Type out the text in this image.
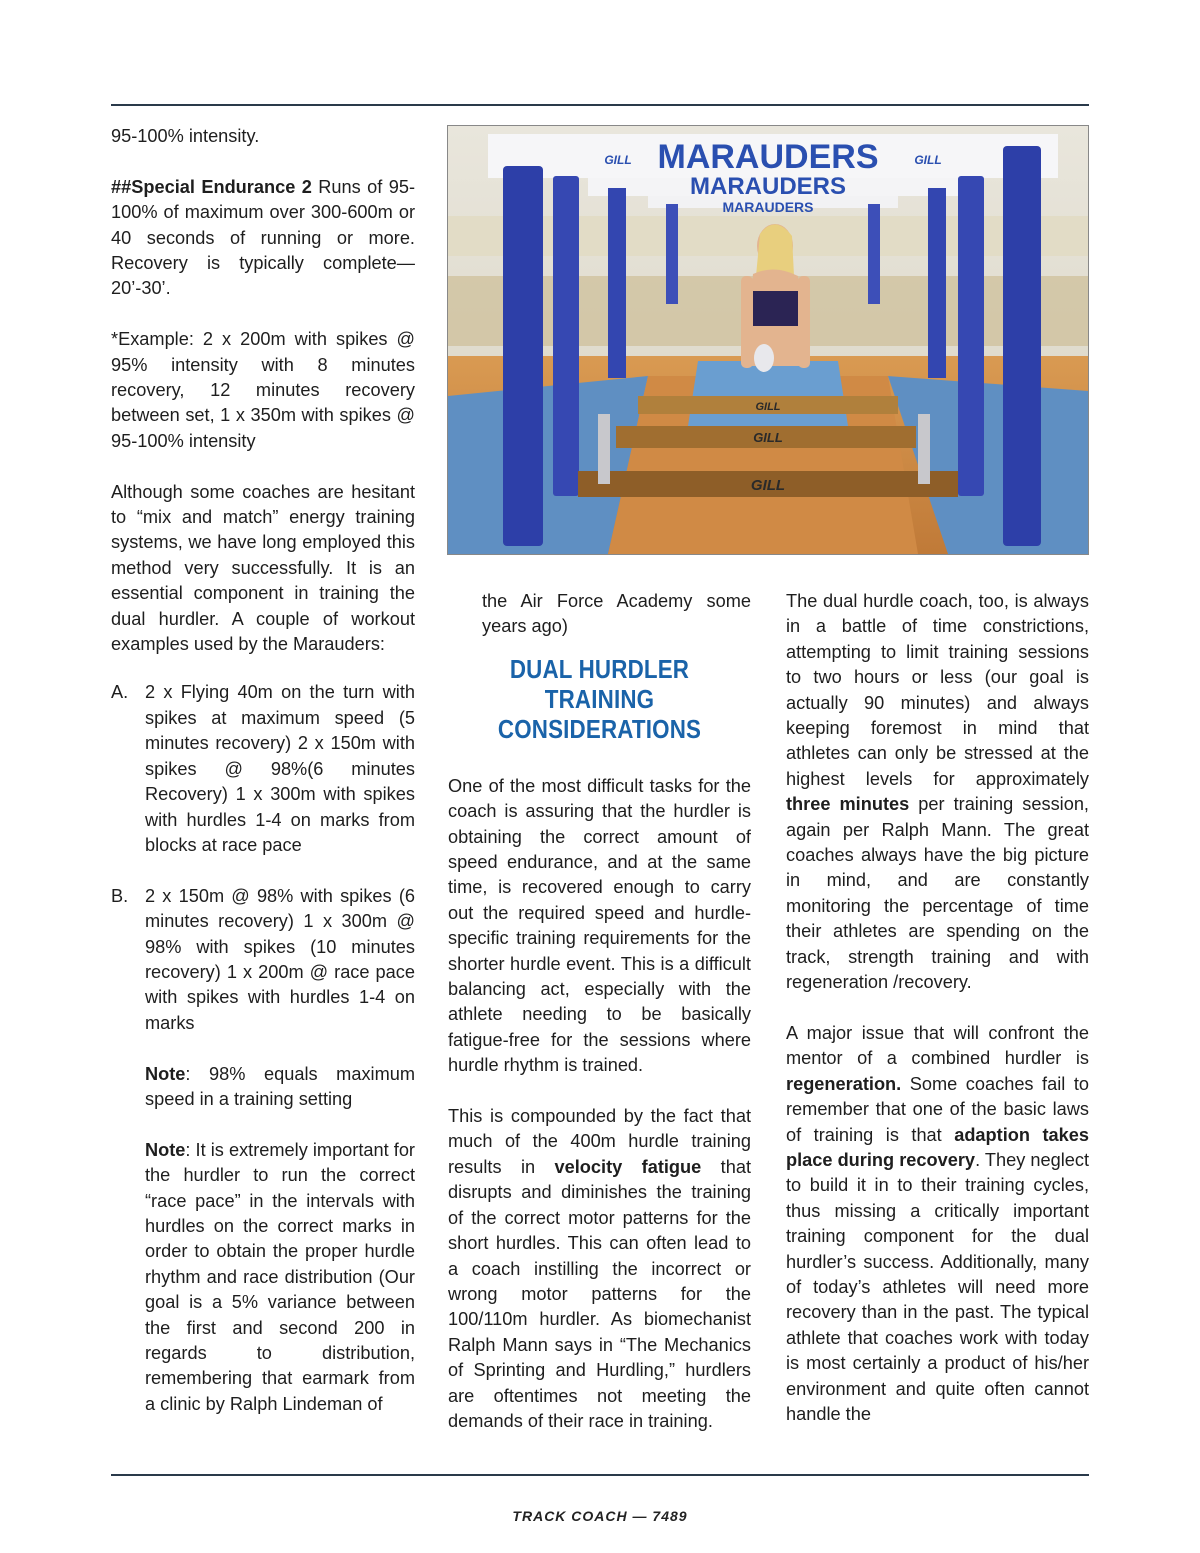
95-100% intensity.

##Special Endurance 2 Runs of 95-100% of maximum over 300-600m or 40 seconds of running or more. Recovery is typically complete—20’-30’.

*Example: 2 x 200m with spikes @ 95% intensity with 8 minutes recovery, 12 minutes recovery between set, 1 x 350m with spikes @ 95-100% intensity

Although some coaches are hesitant to “mix and match” energy training systems, we have long employed this method very successfully. It is an essential component in training the dual hurdler. A couple of workout examples used by the Marauders:

A. 2 x Flying 40m on the turn with spikes at maximum speed (5 minutes recovery) 2 x 150m with spikes @ 98%(6 minutes Recovery) 1 x 300m with spikes with hurdles 1-4 on marks from blocks at race pace
B. 2 x 150m @ 98% with spikes (6 minutes recovery) 1 x 300m @ 98% with spikes (10 minutes recovery) 1 x 200m @ race pace with spikes with hurdles 1-4 on marks

Note: 98% equals maximum speed in a training setting

Note: It is extremely important for the hurdler to run the correct “race pace” in the intervals with hurdles on the correct marks in order to obtain the proper hurdle rhythm and race distribution (Our goal is a 5% variance between the first and second 200 in regards to distribution, remembering that earmark from a clinic by Ralph Lindeman of

MARAUDERS
MARAUDERS
MARAUDERS
GILL	GILL
GILL
GILL
GILL

the Air Force Academy some years ago)

DUAL HURDLER TRAINING
CONSIDERATIONS

One of the most difficult tasks for the coach is assuring that the hurdler is obtaining the correct amount of speed endurance, and at the same time, is recovered enough to carry out the required speed and hurdle-specific training requirements for the shorter hurdle event. This is a difficult balancing act, especially with the athlete needing to be basically fatigue-free for the sessions where hurdle rhythm is trained.

This is compounded by the fact that much of the 400m hurdle training results in velocity fatigue that disrupts and diminishes the training of the correct motor patterns for the short hurdles. This can often lead to a coach instilling the incorrect or wrong motor patterns for the 100/110m hurdler. As biomechanist Ralph Mann says in “The Mechanics of Sprinting and Hurdling,” hurdlers are oftentimes not meeting the demands of their race in training.

The dual hurdle coach, too, is always in a battle of time constrictions, attempting to limit training sessions to two hours or less (our goal is actually 90 minutes) and always keeping foremost in mind that athletes can only be stressed at the highest levels for approximately three minutes per training session, again per Ralph Mann. The great coaches always have the big picture in mind, and are constantly monitoring the percentage of time their athletes are spending on the track, strength training and with regeneration /recovery.

A major issue that will confront the mentor of a combined hurdler is regeneration. Some coaches fail to remember that one of the basic laws of training is that adaption takes place during recovery. They neglect to build it in to their training cycles, thus missing a critically important training component for the dual hurdler’s success. Additionally, many of today’s athletes will need more recovery than in the past. The typical athlete that coaches work with today is most certainly a product of his/her environment and quite often cannot handle the

TRACK COACH — 7489
